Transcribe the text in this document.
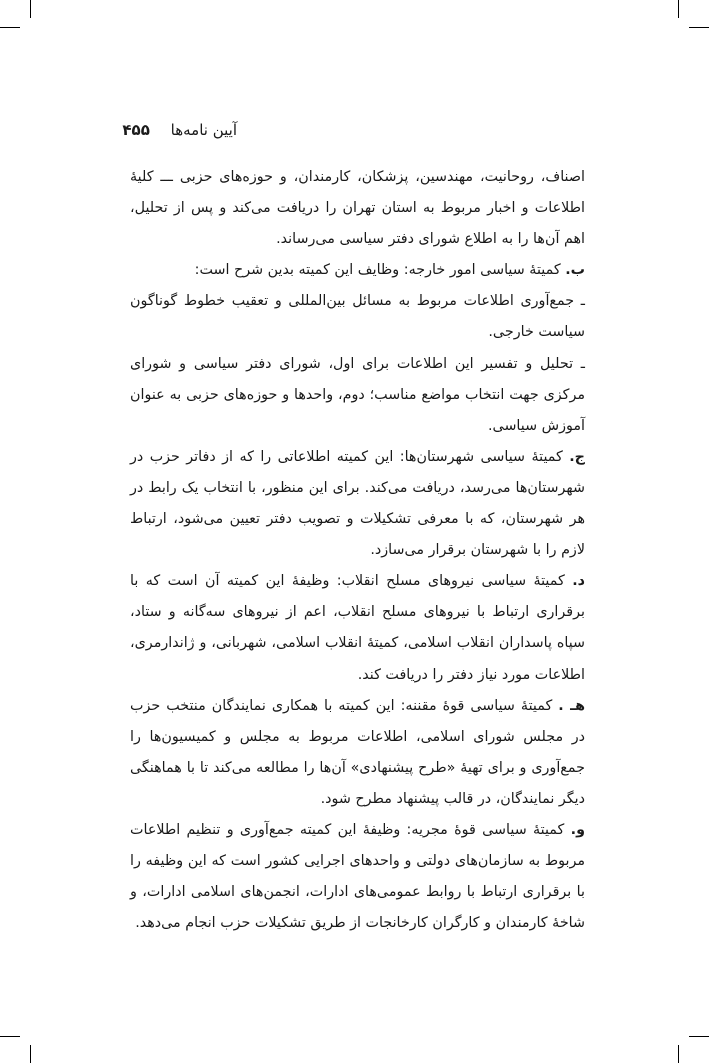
آیین نامه‌ها ۴۵۵

اصناف، روحانیت، مهندسین، پزشکان، کارمندان، و حوزه‌های حزبی ـــ کلیهٔ اطلاعات و اخبار مربوط به استان تهران را دریافت می‌کند و پس از تحلیل، اهم آن‌ها را به اطلاع شورای دفتر سیاسی می‌رساند.

ب. کمیتهٔ سیاسی امور خارجه: وظایف این کمیته بدین شرح است:

ـ جمع‌آوری اطلاعات مربوط به مسائل بین‌المللی و تعقیب خطوط گوناگون سیاست خارجی.

ـ تحلیل و تفسیر این اطلاعات برای اول، شورای دفتر سیاسی و شورای مرکزی جهت انتخاب مواضع مناسب؛ دوم، واحدها و حوزه‌های حزبی به عنوان آموزش سیاسی.

ج. کمیتهٔ سیاسی شهرستان‌ها: این کمیته اطلاعاتی را که از دفاتر حزب در شهرستان‌ها می‌رسد، دریافت می‌کند. برای این منظور، با انتخاب یک رابط در هر شهرستان، که با معرفی تشکیلات و تصویب دفتر تعیین می‌شود، ارتباط لازم را با شهرستان برقرار می‌سازد.

د. کمیتهٔ سیاسی نیروهای مسلح انقلاب: وظیفهٔ این کمیته آن است که با برقراری ارتباط با نیروهای مسلح انقلاب، اعم از نیروهای سه‌گانه و ستاد، سپاه پاسداران انقلاب اسلامی، کمیتهٔ انقلاب اسلامی، شهربانی، و ژاندارمری، اطلاعات مورد نیاز دفتر را دریافت کند.

هـ . کمیتهٔ سیاسی قوهٔ مقننه: این کمیته با همکاری نمایندگان منتخب حزب در مجلس شورای اسلامی، اطلاعات مربوط به مجلس و کمیسیون‌ها را جمع‌آوری و برای تهیهٔ «طرح پیشنهادی» آن‌ها را مطالعه می‌کند تا با هماهنگی دیگر نمایندگان، در قالب پیشنهاد مطرح شود.

و. کمیتهٔ سیاسی قوهٔ مجریه: وظیفهٔ این کمیته جمع‌آوری و تنظیم اطلاعات مربوط به سازمان‌های دولتی و واحدهای اجرایی کشور است که این وظیفه را با برقراری ارتباط با روابط عمومی‌های ادارات، انجمن‌های اسلامی ادارات، و شاخهٔ کارمندان و کارگران کارخانجات از طریق تشکیلات حزب انجام می‌دهد.
